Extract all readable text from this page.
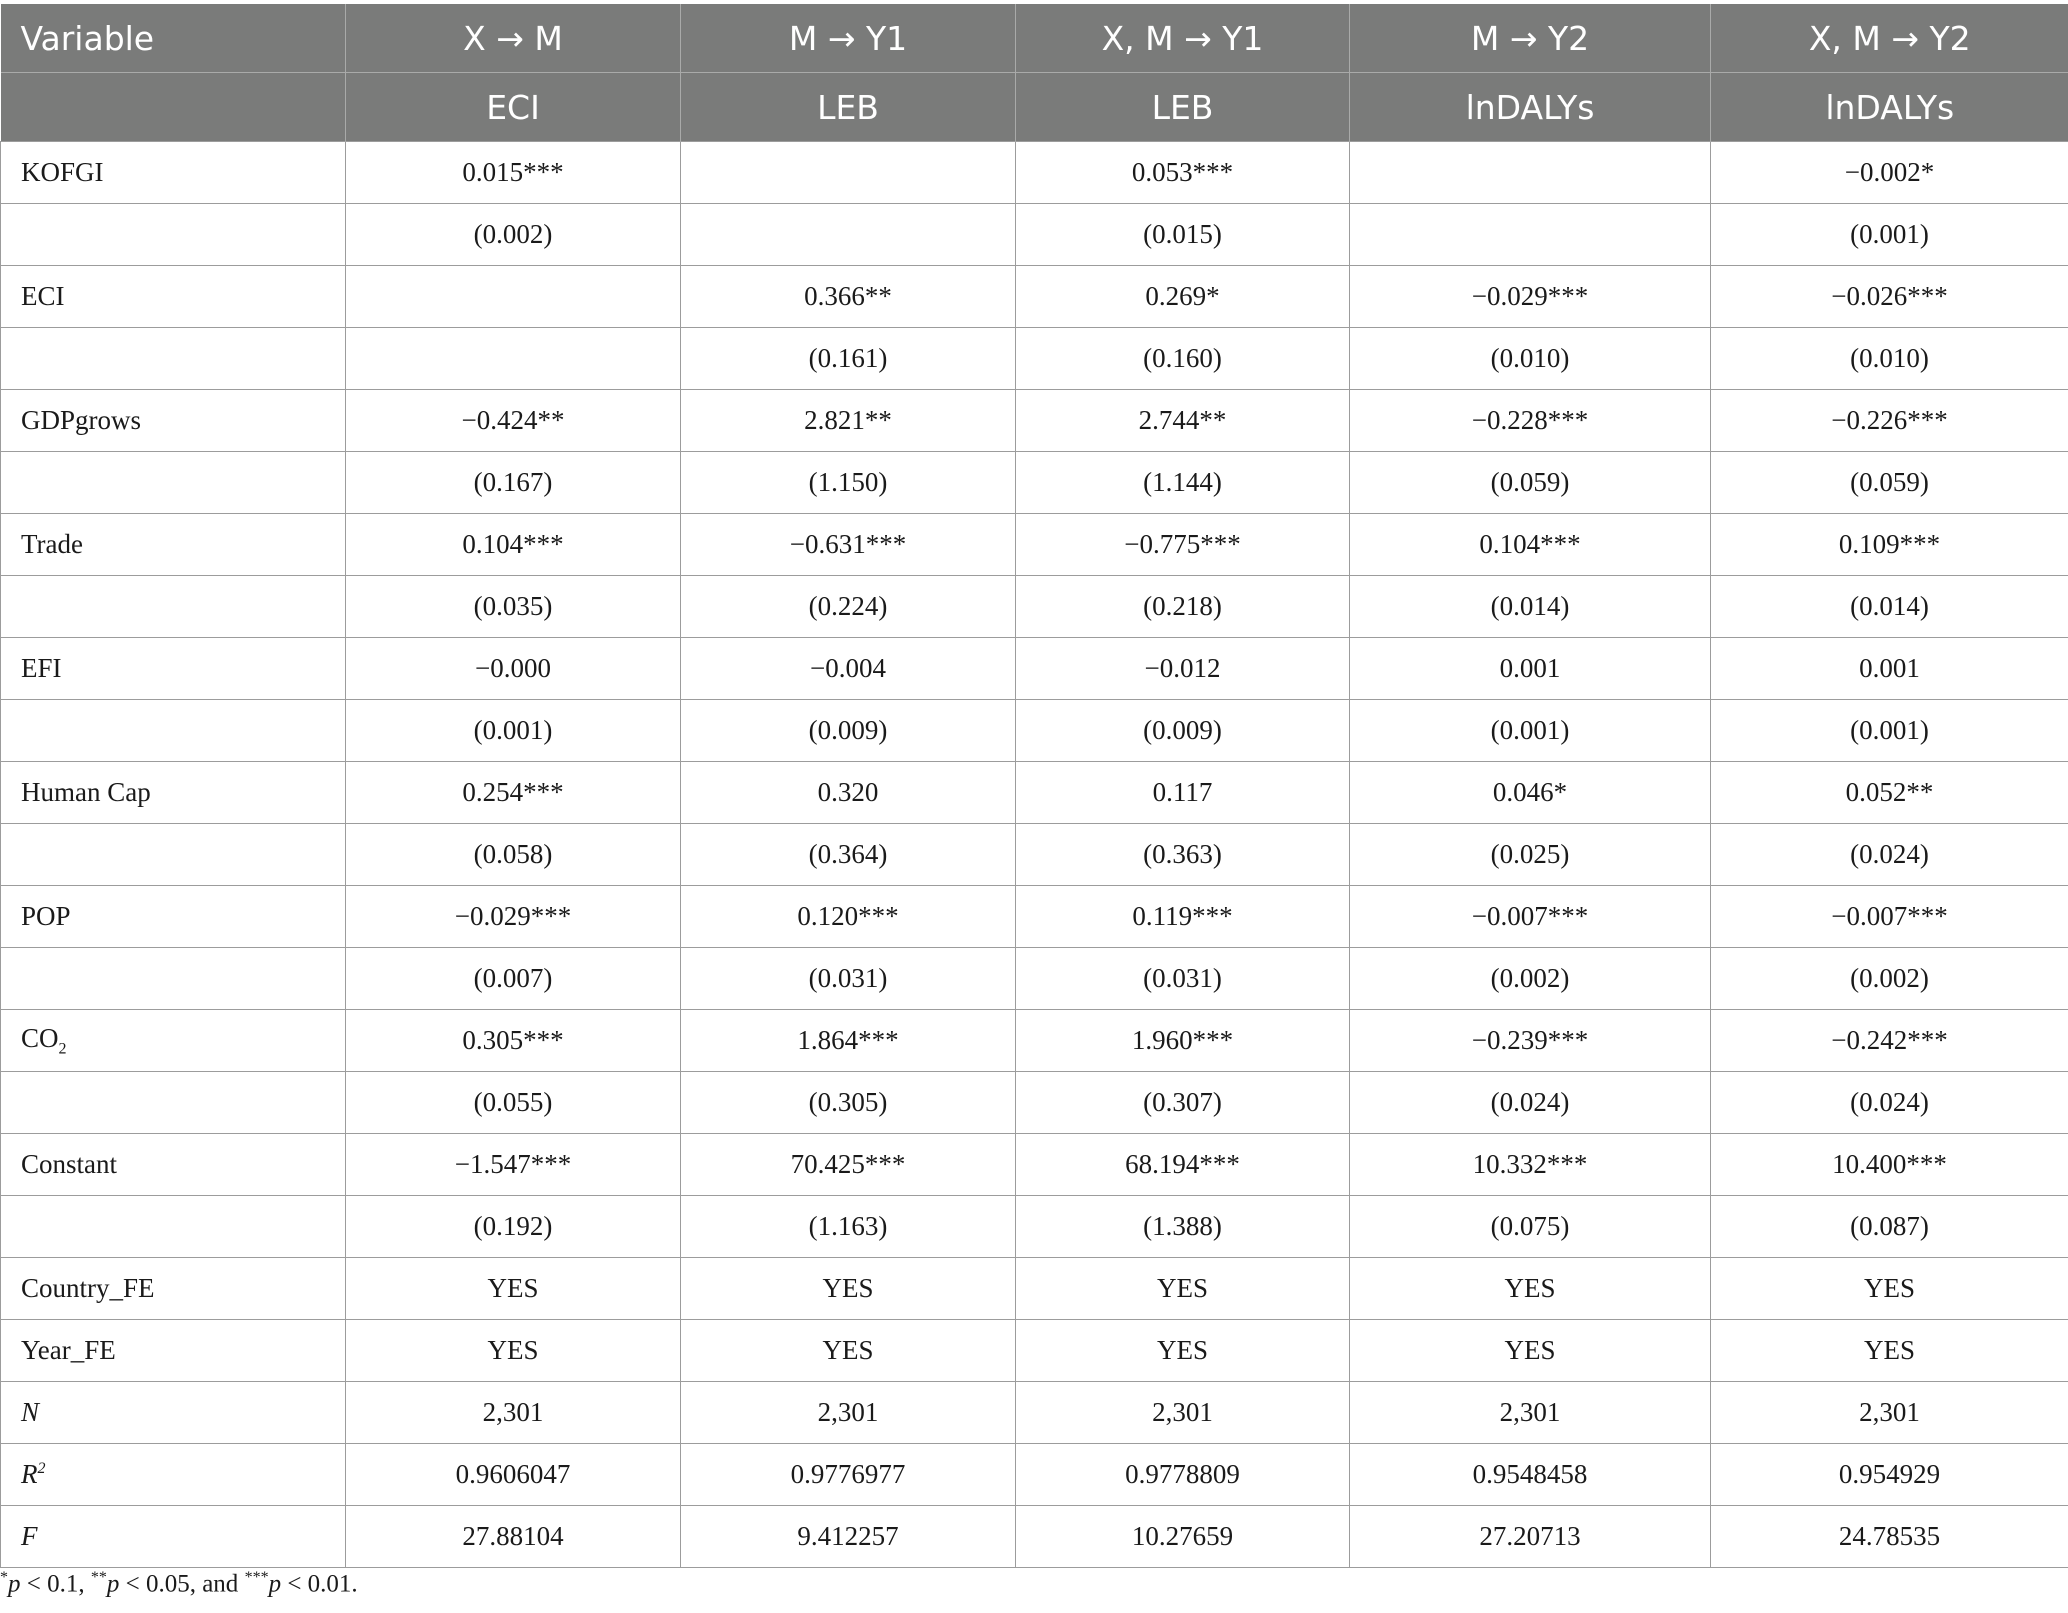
Variable	X → M	M → Y1	X, M → Y1	M → Y2	X, M → Y2
	ECI	LEB	LEB	lnDALYs	lnDALYs
KOFGI	0.015***		0.053***		−0.002*
	(0.002)		(0.015)		(0.001)
ECI		0.366**	0.269*	−0.029***	−0.026***
		(0.161)	(0.160)	(0.010)	(0.010)
GDPgrows	−0.424**	2.821**	2.744**	−0.228***	−0.226***
	(0.167)	(1.150)	(1.144)	(0.059)	(0.059)
Trade	0.104***	−0.631***	−0.775***	0.104***	0.109***
	(0.035)	(0.224)	(0.218)	(0.014)	(0.014)
EFI	−0.000	−0.004	−0.012	0.001	0.001
	(0.001)	(0.009)	(0.009)	(0.001)	(0.001)
Human Cap	0.254***	0.320	0.117	0.046*	0.052**
	(0.058)	(0.364)	(0.363)	(0.025)	(0.024)
POP	−0.029***	0.120***	0.119***	−0.007***	−0.007***
	(0.007)	(0.031)	(0.031)	(0.002)	(0.002)
$CO_2$	0.305***	1.864***	1.960***	−0.239***	−0.242***
	(0.055)	(0.305)	(0.307)	(0.024)	(0.024)
Constant	−1.547***	70.425***	68.194***	10.332***	10.400***
	(0.192)	(1.163)	(1.388)	(0.075)	(0.087)
Country_FE	YES	YES	YES	YES	YES
Year_FE	YES	YES	YES	YES	YES
N	2,301	2,301	2,301	2,301	2,301
$R^2$	0.9606047	0.9776977	0.9778809	0.9548458	0.954929
F	27.88104	9.412257	10.27659	27.20713	24.78535
*p < 0.1, **p < 0.05, and ***p < 0.01.
